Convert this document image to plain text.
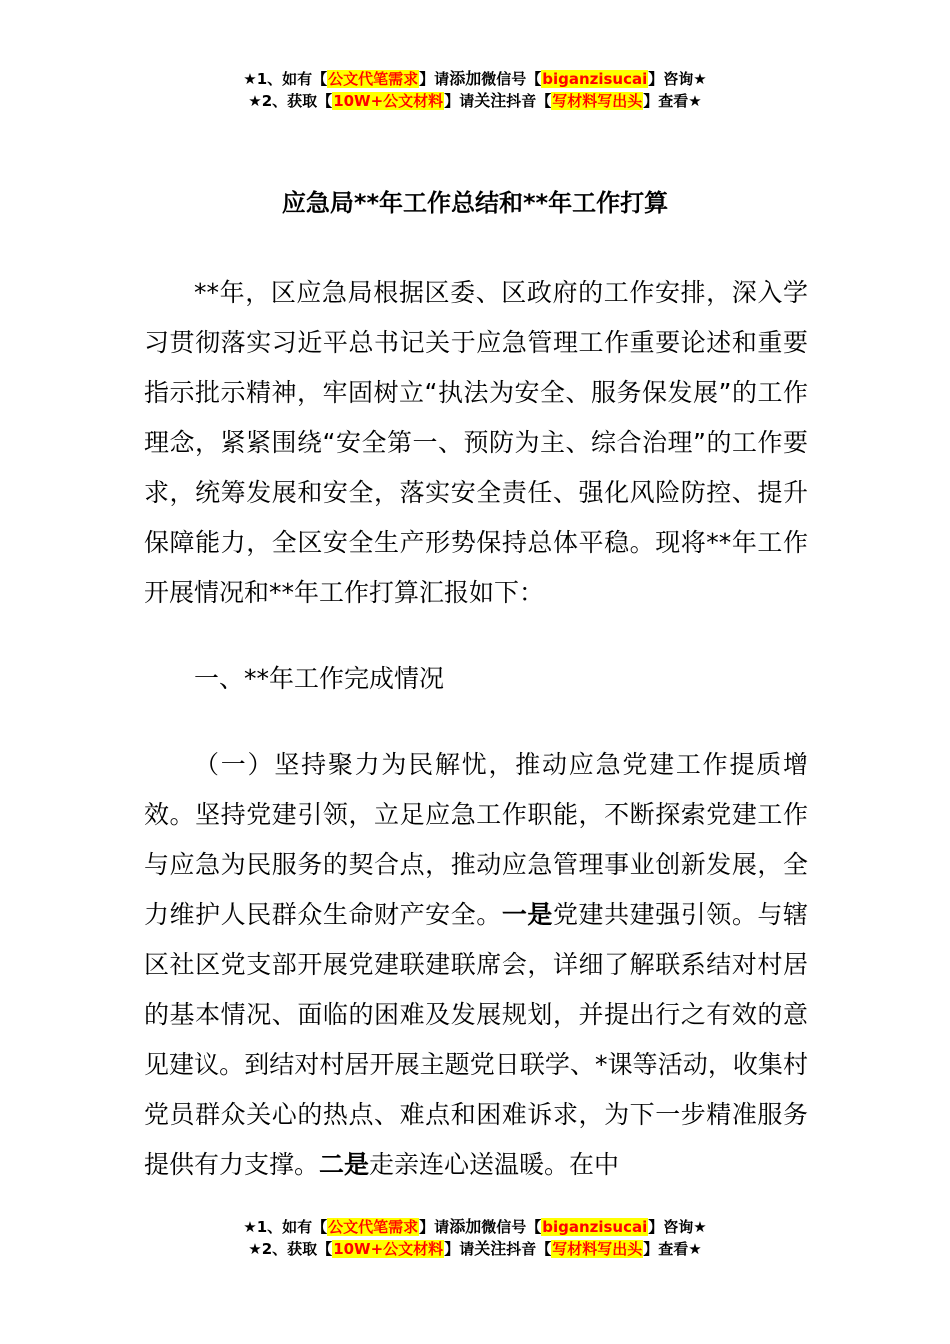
★1、如有【公文代笔需求】请添加微信号【biganzisucai】咨询★
★2、获取【10W+公文材料】请关注抖音【写材料写出头】查看★
应急局**年工作总结和**年工作打算

**年，区应急局根据区委、区政府的工作安排，深入学习贯彻落实习近平总书记关于应急管理工作重要论述和重要指示批示精神，牢固树立“执法为安全、服务保发展”的工作理念，紧紧围绕“安全第一、预防为主、综合治理”的工作要求，统筹发展和安全，落实安全责任、强化风险防控、提升保障能力，全区安全生产形势保持总体平稳。现将**年工作开展情况和**年工作打算汇报如下：

一、**年工作完成情况

（一）坚持聚力为民解忧，推动应急党建工作提质增效。坚持党建引领，立足应急工作职能，不断探索党建工作与应急为民服务的契合点，推动应急管理事业创新发展，全力维护人民群众生命财产安全。一是党建共建强引领。与辖区社区党支部开展党建联建联席会，详细了解联系结对村居的基本情况、面临的困难及发展规划，并提出行之有效的意见建议。到结对村居开展主题党日联学、*课等活动，收集村党员群众关心的热点、难点和困难诉求，为下一步精准服务提供有力支撑。二是走亲连心送温暖。在中

★1、如有【公文代笔需求】请添加微信号【biganzisucai】咨询★
★2、获取【10W+公文材料】请关注抖音【写材料写出头】查看★
